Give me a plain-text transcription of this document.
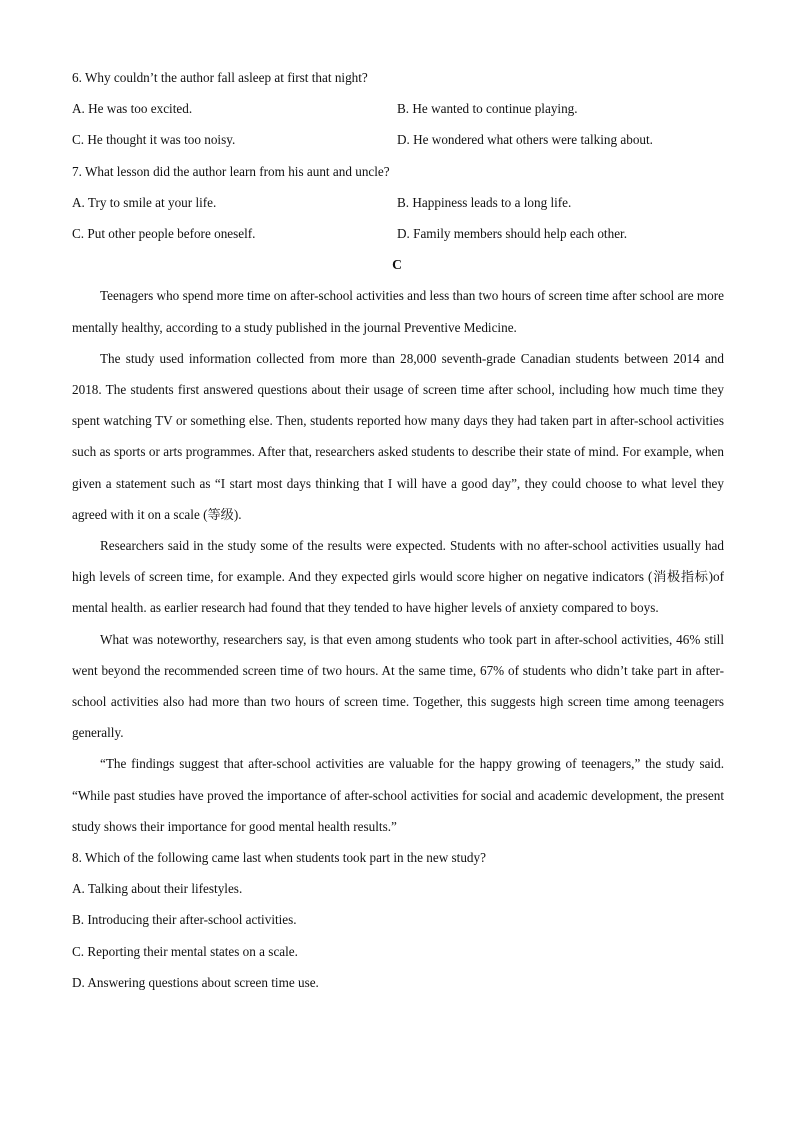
6. Why couldn’t the author fall asleep at first that night?
A. He was too excited.	B. He wanted to continue playing.
C. He thought it was too noisy.	D. He wondered what others were talking about.
7. What lesson did the author learn from his aunt and uncle?
A. Try to smile at your life.	B. Happiness leads to a long life.
C. Put other people before oneself.	D. Family members should help each other.
C

Teenagers who spend more time on after-school activities and less than two hours of screen time after school are more mentally healthy, according to a study published in the journal Preventive Medicine.

The study used information collected from more than 28,000 seventh-grade Canadian students between 2014 and 2018. The students first answered questions about their usage of screen time after school, including how much time they spent watching TV or something else. Then, students reported how many days they had taken part in after-school activities such as sports or arts programmes. After that, researchers asked students to describe their state of mind. For example, when given a statement such as “I start most days thinking that I will have a good day”, they could choose to what level they agreed with it on a scale (等级).

Researchers said in the study some of the results were expected. Students with no after-school activities usually had high levels of screen time, for example. And they expected girls would score higher on negative indicators (消极指标)of mental health. as earlier research had found that they tended to have higher levels of anxiety compared to boys.

What was noteworthy, researchers say, is that even among students who took part in after-school activities, 46% still went beyond the recommended screen time of two hours. At the same time, 67% of students who didn’t take part in after-school activities also had more than two hours of screen time. Together, this suggests high screen time among teenagers generally.

“The findings suggest that after-school activities are valuable for the happy growing of teenagers,” the study said. “While past studies have proved the importance of after-school activities for social and academic development, the present study shows their importance for good mental health results.”

8. Which of the following came last when students took part in the new study?
A. Talking about their lifestyles.
B. Introducing their after-school activities.
C. Reporting their mental states on a scale.
D. Answering questions about screen time use.
